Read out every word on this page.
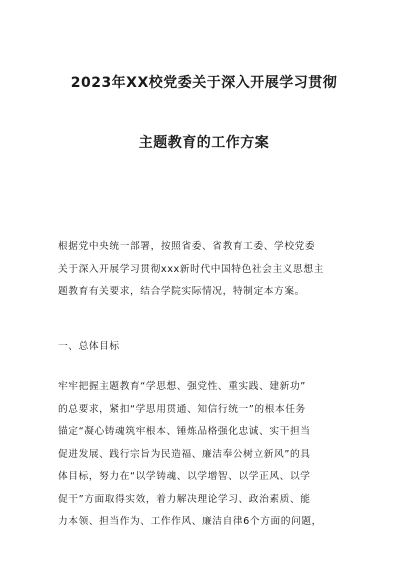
2023年XX校党委关于深入开展学习贯彻
主题教育的工作方案
根据党中央统一部署，按照省委、省教育工委、学校党委
关于深入开展学习贯彻xxx新时代中国特色社会主义思想主
题教育有关要求，结合学院实际情况，特制定本方案。
一、总体目标
牢牢把握主题教育“学思想、强党性、重实践、建新功”
的总要求，紧扣“学思用贯通、知信行统一”的根本任务
锚定“凝心铸魂筑牢根本、锤炼品格强化忠诚、实干担当
促进发展、践行宗旨为民造福、廉洁奉公树立新风”的具
体目标，努力在“以学铸魂、以学增智、以学正风、以学
促干”方面取得实效，着力解决理论学习、政治素质、能
力本领、担当作为、工作作风、廉洁自律6个方面的问题，
